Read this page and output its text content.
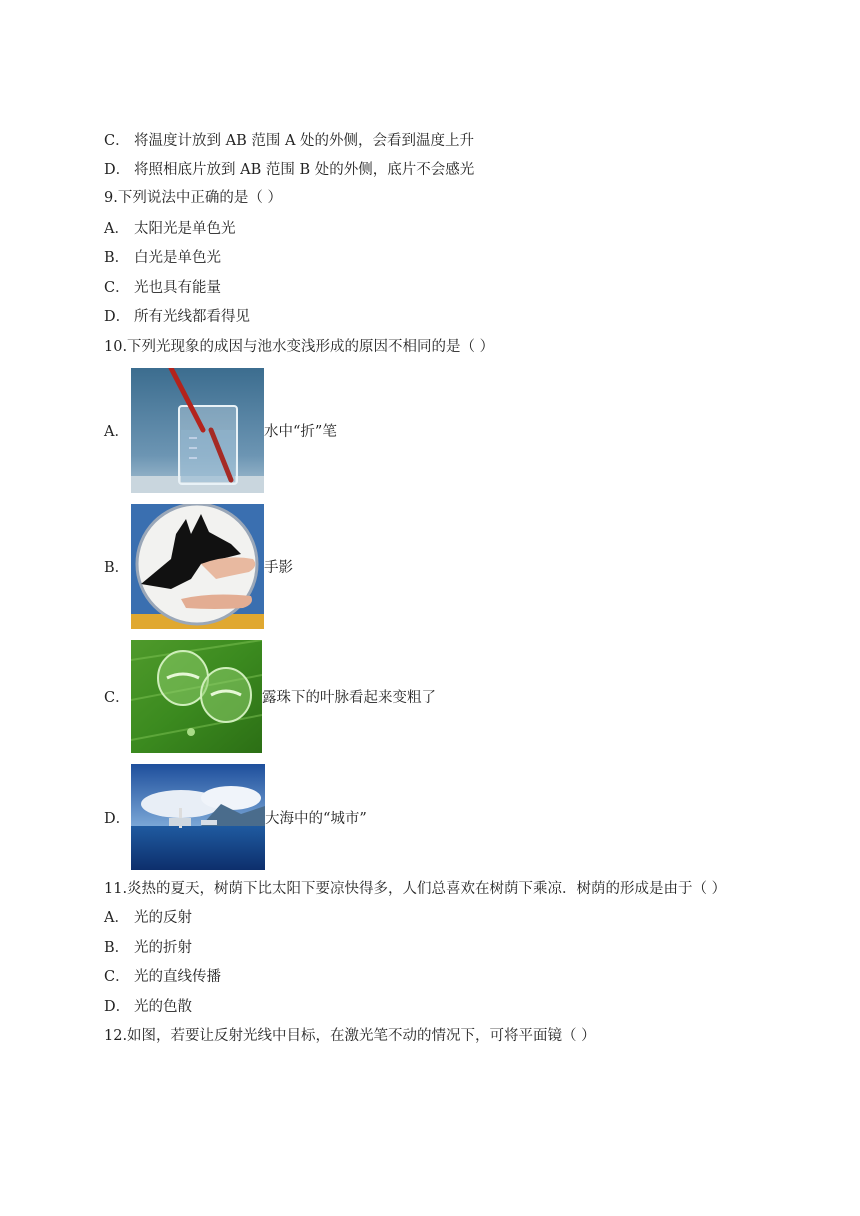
C． 将温度计放到 AB 范围 A 处的外侧，会看到温度上升
D． 将照相底片放到 AB 范围 B 处的外侧，底片不会感光
9.下列说法中正确的是（ ）
A． 太阳光是单色光
B． 白光是单色光
C． 光也具有能量
D． 所有光线都看得见
10.下列光现象的成因与池水变浅形成的原因不相同的是（ ）
A．	水中“折”笔
B．	手影
C．	露珠下的叶脉看起来变粗了
D．	大海中的“城市”
11.炎热的夏天，树荫下比太阳下要凉快得多，人们总喜欢在树荫下乘凉．树荫的形成是由于（ ）
A． 光的反射
B． 光的折射
C． 光的直线传播
D． 光的色散
12.如图，若要让反射光线中目标，在激光笔不动的情况下，可将平面镜（ ）
